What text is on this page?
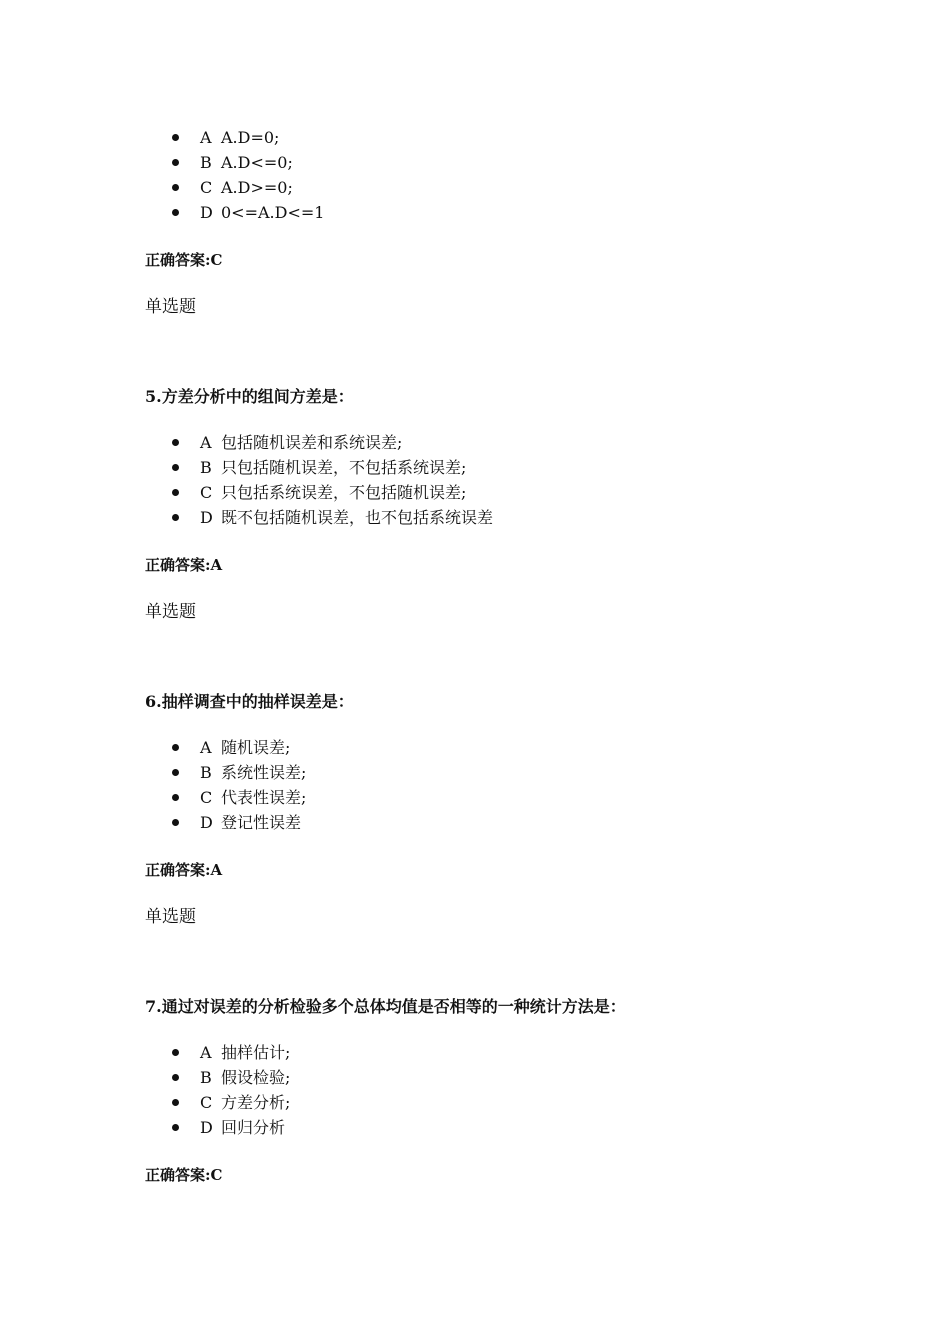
A A.D=0;
B A.D<=0;
C A.D>=0;
D 0<=A.D<=1
正确答案:C
单选题
5.方差分析中的组间方差是：
A 包括随机误差和系统误差;
B 只包括随机误差，不包括系统误差;
C 只包括系统误差，不包括随机误差;
D 既不包括随机误差，也不包括系统误差
正确答案:A
单选题
6.抽样调查中的抽样误差是：
A 随机误差;
B 系统性误差;
C 代表性误差;
D 登记性误差
正确答案:A
单选题
7.通过对误差的分析检验多个总体均值是否相等的一种统计方法是：
A 抽样估计;
B 假设检验;
C 方差分析;
D 回归分析
正确答案:C
